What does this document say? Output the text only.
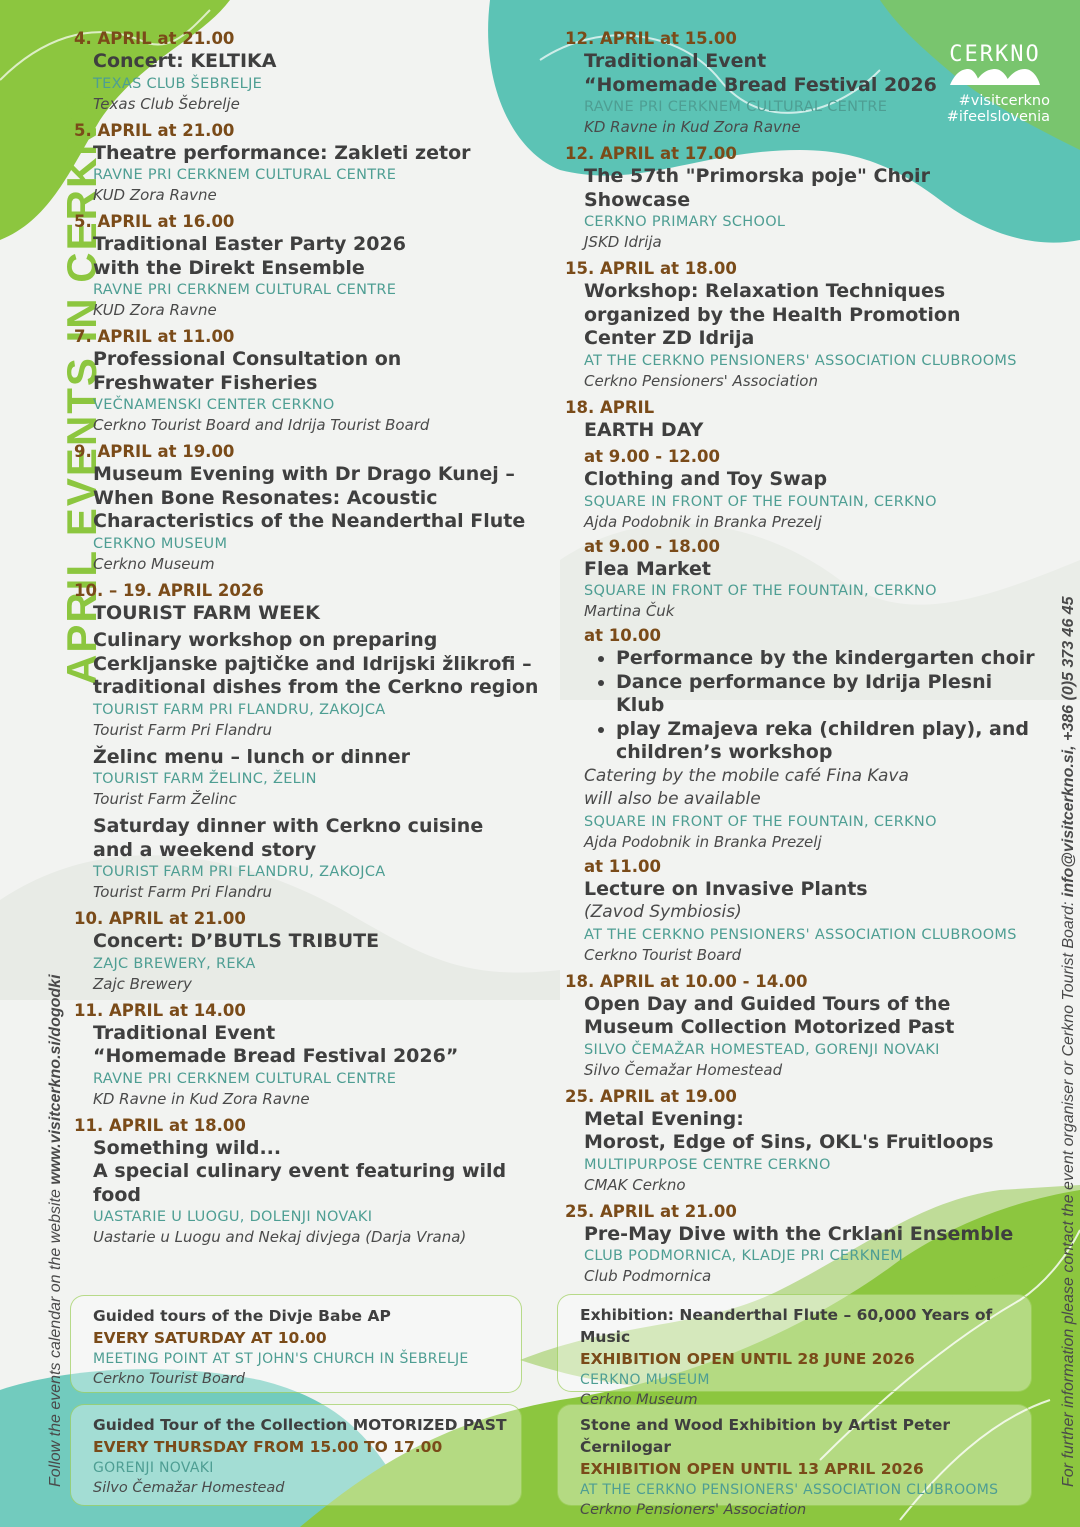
APRIL EVENTS IN CERKNO
Follow the events calendar on the website www.visitcerkno.si/dogodki	For further information please contact the event organiser or Cerkno Tourist Board: info@visitcerkno.si, +386 (0)5 373 46 45
CERKNO
#visitcerkno
#ifeelslovenia
4. APRIL at 21.00
Concert: KELTIKA
TEXAS CLUB ŠEBRELJE
Texas Club Šebrelje
5. APRIL at 21.00
Theatre performance: Zakleti zetor
RAVNE PRI CERKNEM CULTURAL CENTRE
KUD Zora Ravne
5. APRIL at 16.00
Traditional Easter Party 2026
with the Direkt Ensemble
RAVNE PRI CERKNEM CULTURAL CENTRE
KUD Zora Ravne
7. APRIL at 11.00
Professional Consultation on
Freshwater Fisheries
VEČNAMENSKI CENTER CERKNO
Cerkno Tourist Board and Idrija Tourist Board
9. APRIL at 19.00
Museum Evening with Dr Drago Kunej –
When Bone Resonates: Acoustic
Characteristics of the Neanderthal Flute
CERKNO MUSEUM
Cerkno Museum
10. – 19. APRIL 2026
TOURIST FARM WEEK
Culinary workshop on preparing
Cerkljanske pajtičke and Idrijski žlikrofi –
traditional dishes from the Cerkno region
TOURIST FARM PRI FLANDRU, ZAKOJCA
Tourist Farm Pri Flandru
Želinc menu – lunch or dinner
TOURIST FARM ŽELINC, ŽELIN
Tourist Farm Želinc
Saturday dinner with Cerkno cuisine
and a weekend story
TOURIST FARM PRI FLANDRU, ZAKOJCA
Tourist Farm Pri Flandru
10. APRIL at 21.00
Concert: D’BUTLS TRIBUTE
ZAJC BREWERY, REKA
Zajc Brewery
11. APRIL at 14.00
Traditional Event
“Homemade Bread Festival 2026”
RAVNE PRI CERKNEM CULTURAL CENTRE
KD Ravne in Kud Zora Ravne
11. APRIL at 18.00
Something wild...
A special culinary event featuring wild food
UASTARIE U LUOGU, DOLENJI NOVAKI
Uastarie u Luogu and Nekaj divjega (Darja Vrana)
12. APRIL at 15.00
Traditional Event
“Homemade Bread Festival 2026
RAVNE PRI CERKNEM CULTURAL CENTRE
KD Ravne in Kud Zora Ravne
12. APRIL at 17.00
The 57th "Primorska poje" Choir Showcase
CERKNO PRIMARY SCHOOL
JSKD Idrija
15. APRIL at 18.00
Workshop: Relaxation Techniques
organized by the Health Promotion
Center ZD Idrija
AT THE CERKNO PENSIONERS' ASSOCIATION CLUBROOMS
Cerkno Pensioners' Association
18. APRIL
EARTH DAY
at 9.00 - 12.00
Clothing and Toy Swap
SQUARE IN FRONT OF THE FOUNTAIN, CERKNO
Ajda Podobnik in Branka Prezelj
at 9.00 - 18.00
Flea Market
SQUARE IN FRONT OF THE FOUNTAIN, CERKNO
Martina Čuk
at 10.00
• Performance by the kindergarten choir
• Dance performance by Idrija Plesni Klub
• play Zmajeva reka (children play), and children’s workshop
Catering by the mobile café Fina Kava
will also be available
SQUARE IN FRONT OF THE FOUNTAIN, CERKNO
Ajda Podobnik in Branka Prezelj
at 11.00
Lecture on Invasive Plants
(Zavod Symbiosis)
AT THE CERKNO PENSIONERS' ASSOCIATION CLUBROOMS
Cerkno Tourist Board
18. APRIL at 10.00 - 14.00
Open Day and Guided Tours of the
Museum Collection Motorized Past
SILVO ČEMAŽAR HOMESTEAD, GORENJI NOVAKI
Silvo Čemažar Homestead
25. APRIL at 19.00
Metal Evening:
Morost, Edge of Sins, OKL's Fruitloops
MULTIPURPOSE CENTRE CERKNO
CMAK Cerkno
25. APRIL at 21.00
Pre-May Dive with the Crklani Ensemble
CLUB PODMORNICA, KLADJE PRI CERKNEM
Club Podmornica
Guided tours of the Divje Babe AP
EVERY SATURDAY AT 10.00
MEETING POINT AT ST JOHN'S CHURCH IN ŠEBRELJE
Cerkno Tourist Board
Guided Tour of the Collection MOTORIZED PAST
EVERY THURSDAY FROM 15.00 TO 17.00
GORENJI NOVAKI
Silvo Čemažar Homestead
Exhibition: Neanderthal Flute – 60,000 Years of Music
EXHIBITION OPEN UNTIL 28 JUNE 2026
CERKNO MUSEUM
Cerkno Museum
Stone and Wood Exhibition by Artist Peter Černilogar
EXHIBITION OPEN UNTIL 13 APRIL 2026
AT THE CERKNO PENSIONERS' ASSOCIATION CLUBROOMS
Cerkno Pensioners' Association
